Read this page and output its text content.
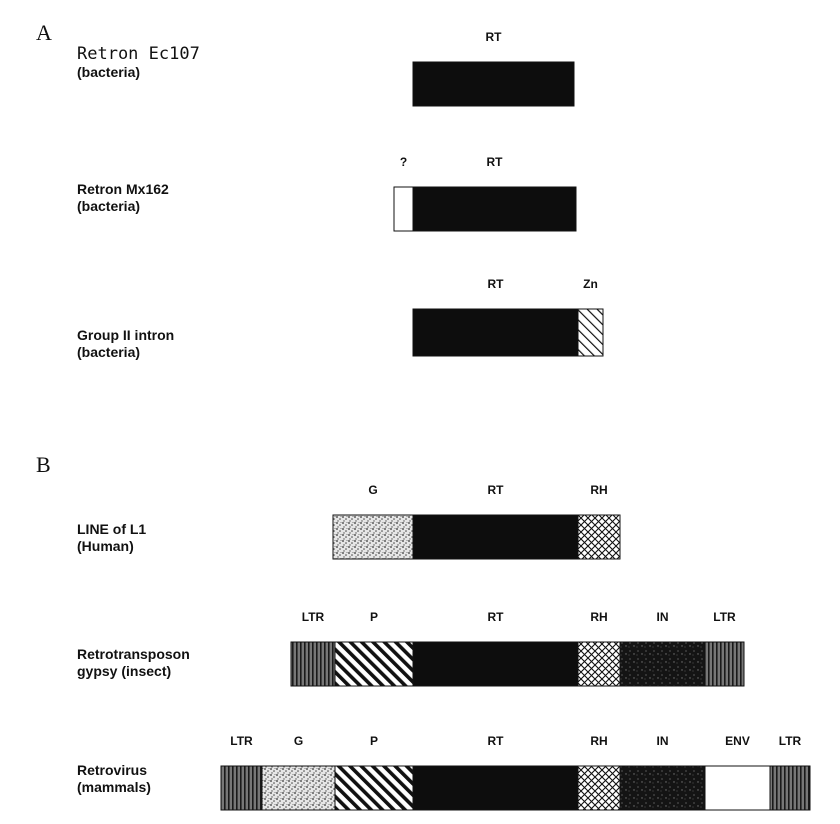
A
B
Retron Ec107
(bacteria)
Retron Mx162
(bacteria)
Group II intron
(bacteria)
LINE of L1
(Human)
Retrotransposon
gypsy (insect)
Retrovirus
(mammals)
RT
?	RT
RT	Zn
G	RT	RH
LTR	P	RT	RH	IN	LTR
LTR	G	P	RT	RH	IN	ENV LTR
